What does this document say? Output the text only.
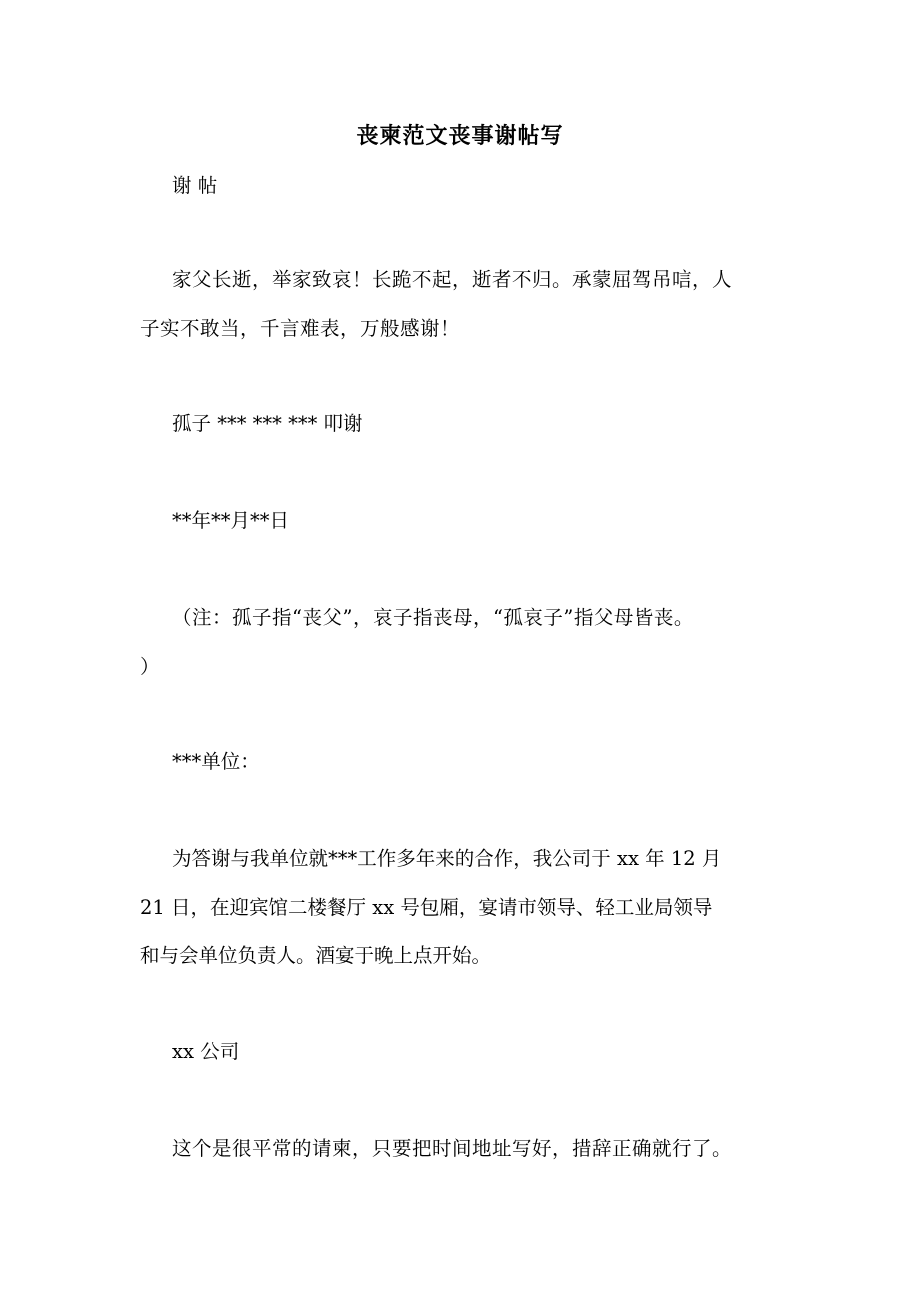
丧柬范文丧事谢帖写
谢 帖
家父长逝，举家致哀！长跪不起，逝者不归。承蒙屈驾吊唁，人
子实不敢当，千言难表，万般感谢！
孤子 *** *** *** 叩谢
**年**月**日
（注：孤子指“丧父”，哀子指丧母，“孤哀子”指父母皆丧。
）
***单位：
为答谢与我单位就***工作多年来的合作，我公司于 xx 年 12 月
21 日，在迎宾馆二楼餐厅 xx 号包厢，宴请市领导、轻工业局领导
和与会单位负责人。酒宴于晚上点开始。
xx 公司
这个是很平常的请柬，只要把时间地址写好，措辞正确就行了。
